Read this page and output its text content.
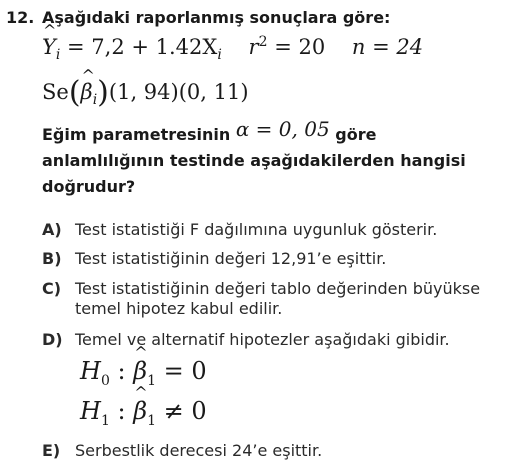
12. Aşağıdaki raporlanmış sonuçlara göre:
^ $Y_i = 7,2 + 1.42X_i$ $r^2 = 20$ n = 24
Se(^ $\beta_i)(1$, 94)(0, 11)
Eğim parametresinin α = 0, 05 göre
anlamlılığının testinde aşağıdakilerden hangisi
doğrudur?
A) Test istatistiği F dağılımına uygunluk gösterir.
B) Test istatistiğinin değeri 12,91’e eşittir.
C) Test istatistiğinin değeri tablo değerinden büyükse temel hipotez kabul edilir.
D) Temel ve alternatif hipotezler aşağıdaki gibidir.
$H_0$ : ^ $\beta_1 = 0$
$H_1$ : ^ $\beta_1 \ne 0$
E) Serbestlik derecesi 24’e eşittir.
